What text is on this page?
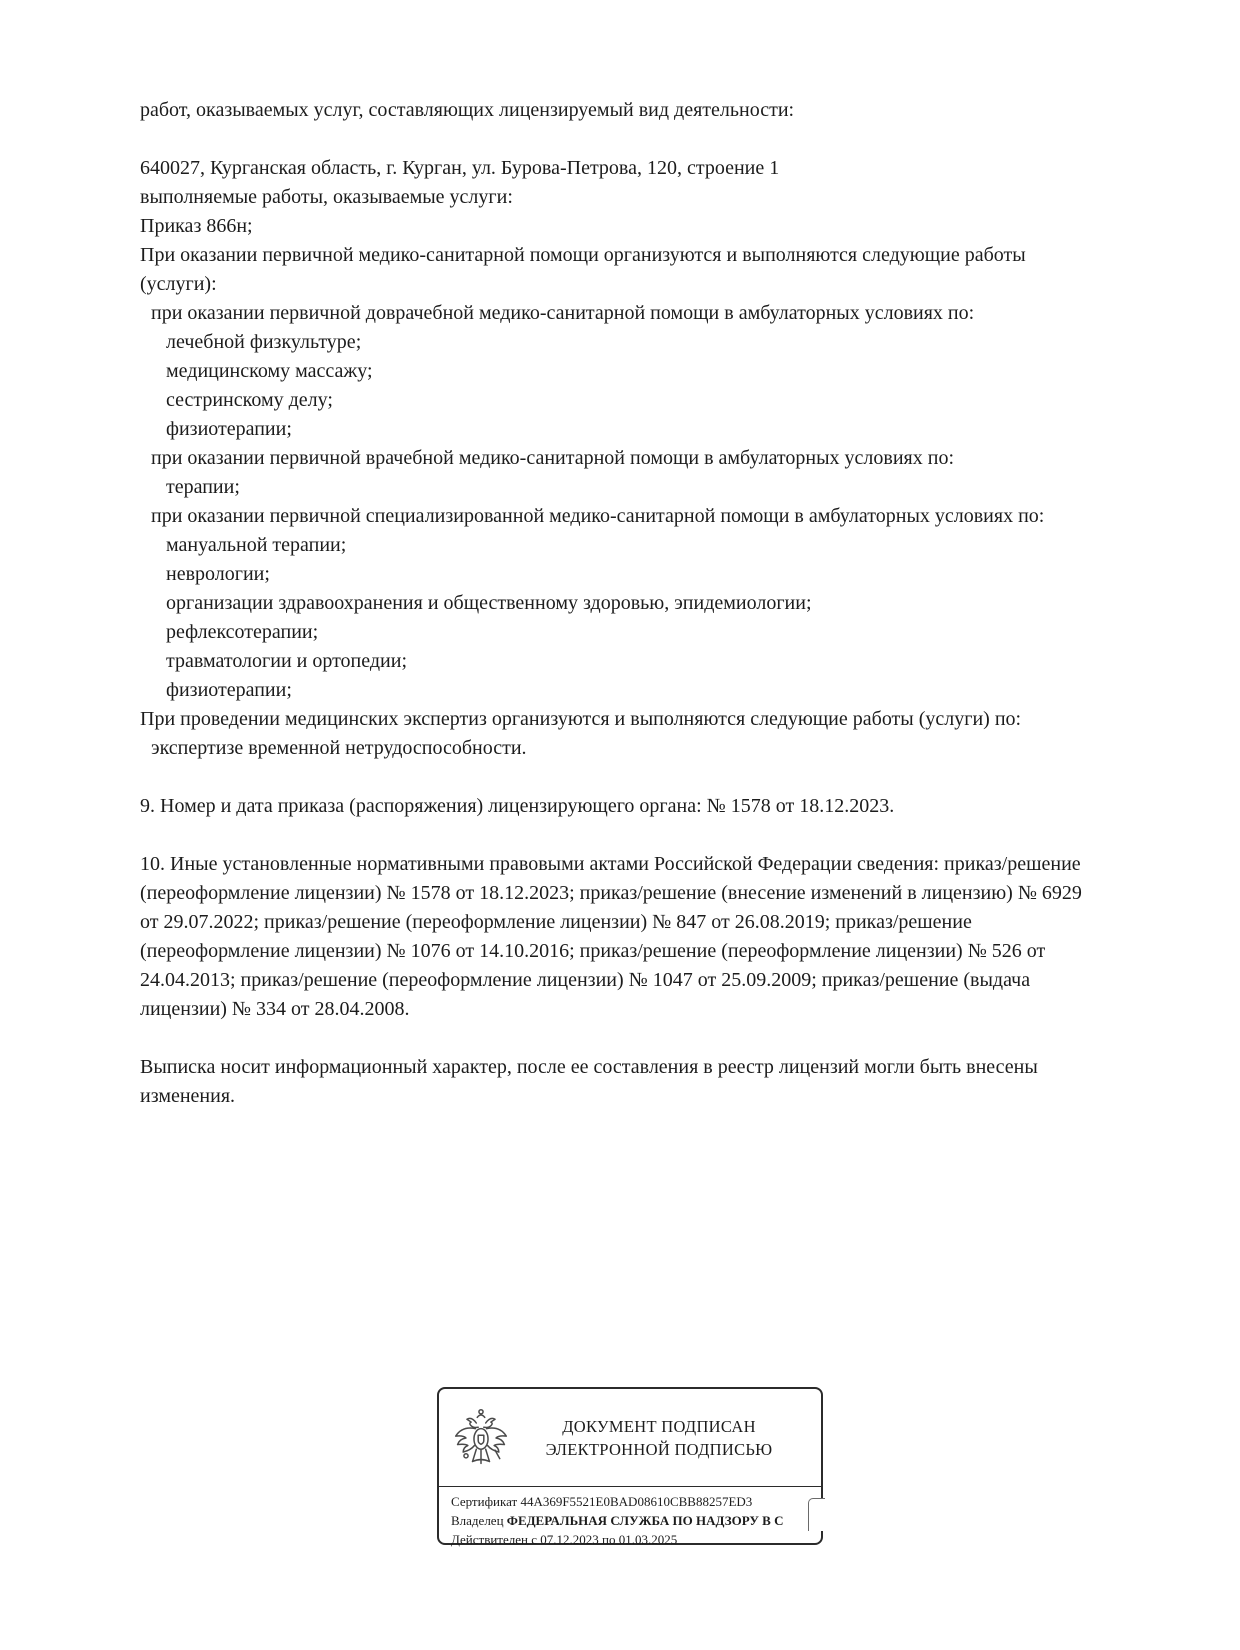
работ, оказываемых услуг, составляющих лицензируемый вид деятельности:

640027, Курганская область, г. Курган, ул. Бурова-Петрова, 120, строение 1

выполняемые работы, оказываемые услуги:

Приказ 866н;

При оказании первичной медико-санитарной помощи организуются и выполняются следующие работы (услуги):

при оказании первичной доврачебной медико-санитарной помощи в амбулаторных условиях по:

лечебной физкультуре;

медицинскому массажу;

сестринскому делу;

физиотерапии;

при оказании первичной врачебной медико-санитарной помощи в амбулаторных условиях по:

терапии;

при оказании первичной специализированной медико-санитарной помощи в амбулаторных условиях по:

мануальной терапии;

неврологии;

организации здравоохранения и общественному здоровью, эпидемиологии;

рефлексотерапии;

травматологии и ортопедии;

физиотерапии;

При проведении медицинских экспертиз организуются и выполняются следующие работы (услуги) по:

экспертизе временной нетрудоспособности.

9. Номер и дата приказа (распоряжения) лицензирующего органа: № 1578 от 18.12.2023.

10. Иные установленные нормативными правовыми актами Российской Федерации сведения: приказ/решение (переоформление лицензии) № 1578 от 18.12.2023; приказ/решение (внесение изменений в лицензию) № 6929 от 29.07.2022; приказ/решение (переоформление лицензии) № 847 от 26.08.2019; приказ/решение (переоформление лицензии) № 1076 от 14.10.2016; приказ/решение (переоформление лицензии) № 526 от 24.04.2013; приказ/решение (переоформление лицензии) № 1047 от 25.09.2009; приказ/решение (выдача лицензии) № 334 от 28.04.2008.

Выписка носит информационный характер, после ее составления в реестр лицензий могли быть внесены изменения.

ДОКУМЕНТ ПОДПИСАН
ЭЛЕКТРОННОЙ ПОДПИСЬЮ
Сертификат 44A369F5521E0BAD08610CBB88257ED3
Владелец ФЕДЕРАЛЬНАЯ СЛУЖБА ПО НАДЗОРУ В С
Действителен с 07.12.2023 по 01.03.2025
